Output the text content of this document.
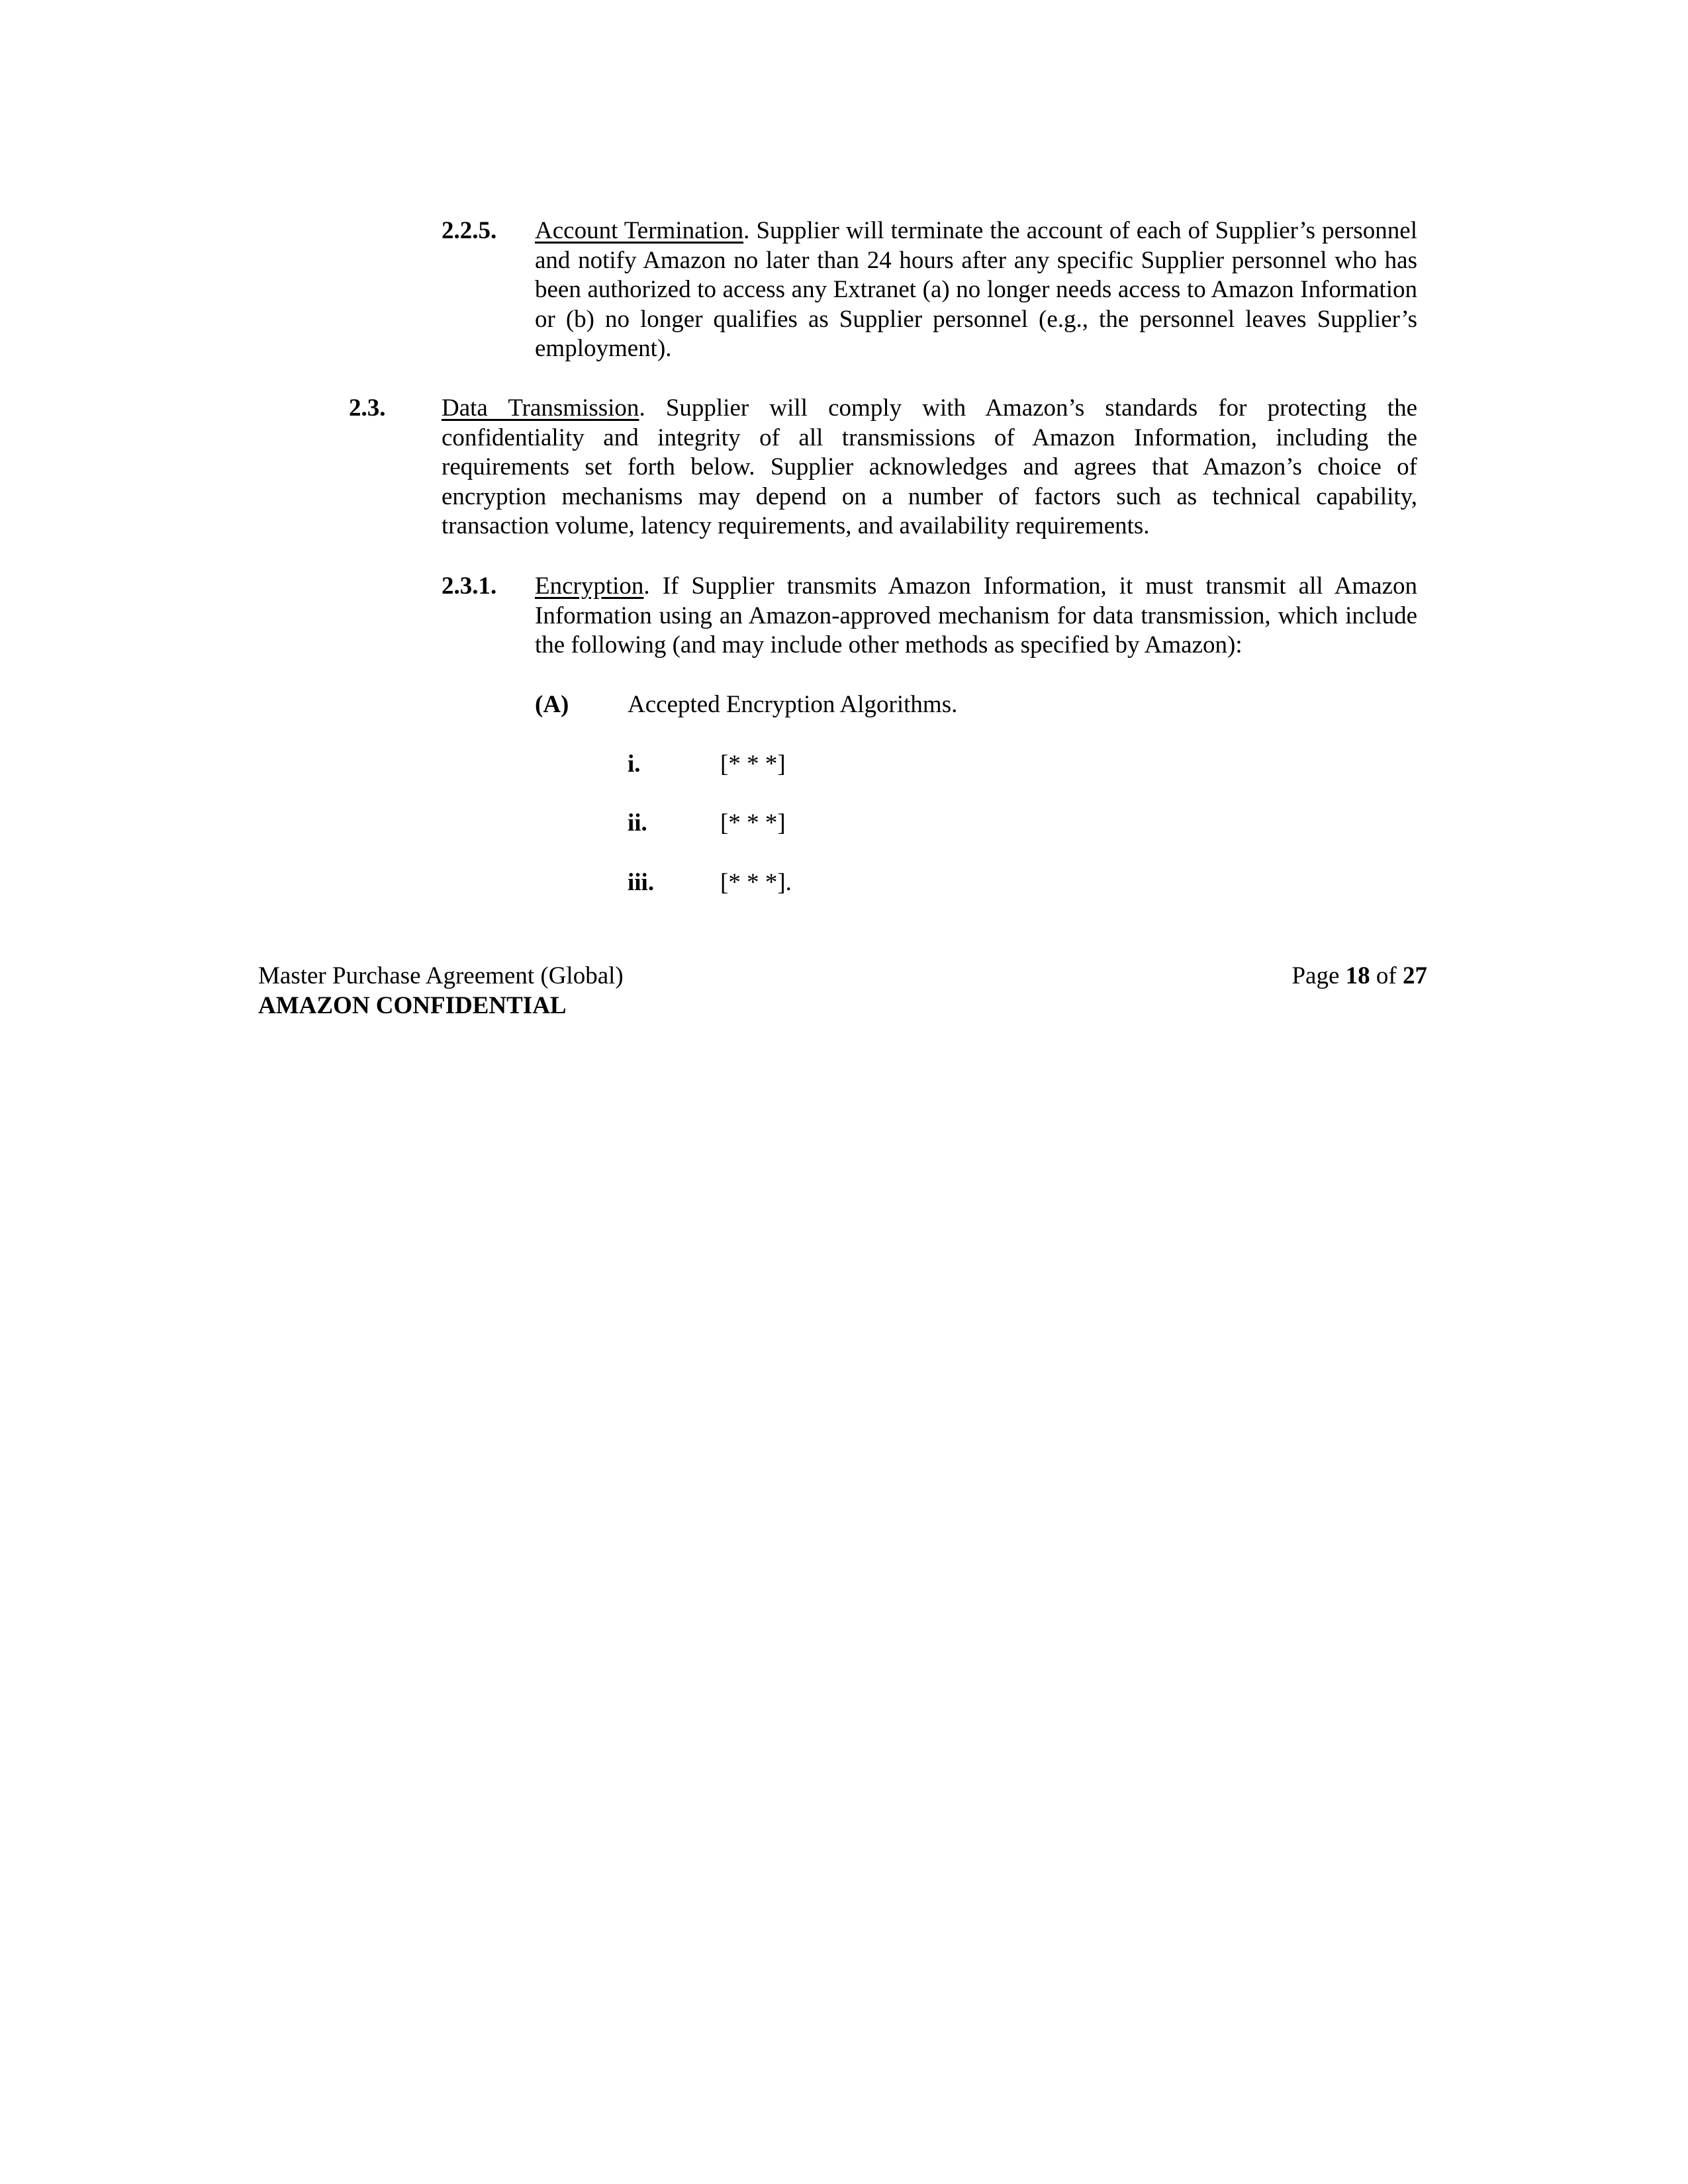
2.2.5. Account Termination. Supplier will terminate the account of each of Supplier’s personnel and notify Amazon no later than 24 hours after any specific Supplier personnel who has been authorized to access any Extranet (a) no longer needs access to Amazon Information or (b) no longer qualifies as Supplier personnel (e.g., the personnel leaves Supplier’s employment).
2.3. Data Transmission. Supplier will comply with Amazon’s standards for protecting the confidentiality and integrity of all transmissions of Amazon Information, including the requirements set forth below. Supplier acknowledges and agrees that Amazon’s choice of encryption mechanisms may depend on a number of factors such as technical capability, transaction volume, latency requirements, and availability requirements.
2.3.1. Encryption. If Supplier transmits Amazon Information, it must transmit all Amazon Information using an Amazon-approved mechanism for data transmission, which include the following (and may include other methods as specified by Amazon):
(A) Accepted Encryption Algorithms.
i.	[* * *]
ii.	[* * *]
iii.	[* * *].
Master Purchase Agreement (Global)
AMAZON CONFIDENTIAL
Page 18 of 27
